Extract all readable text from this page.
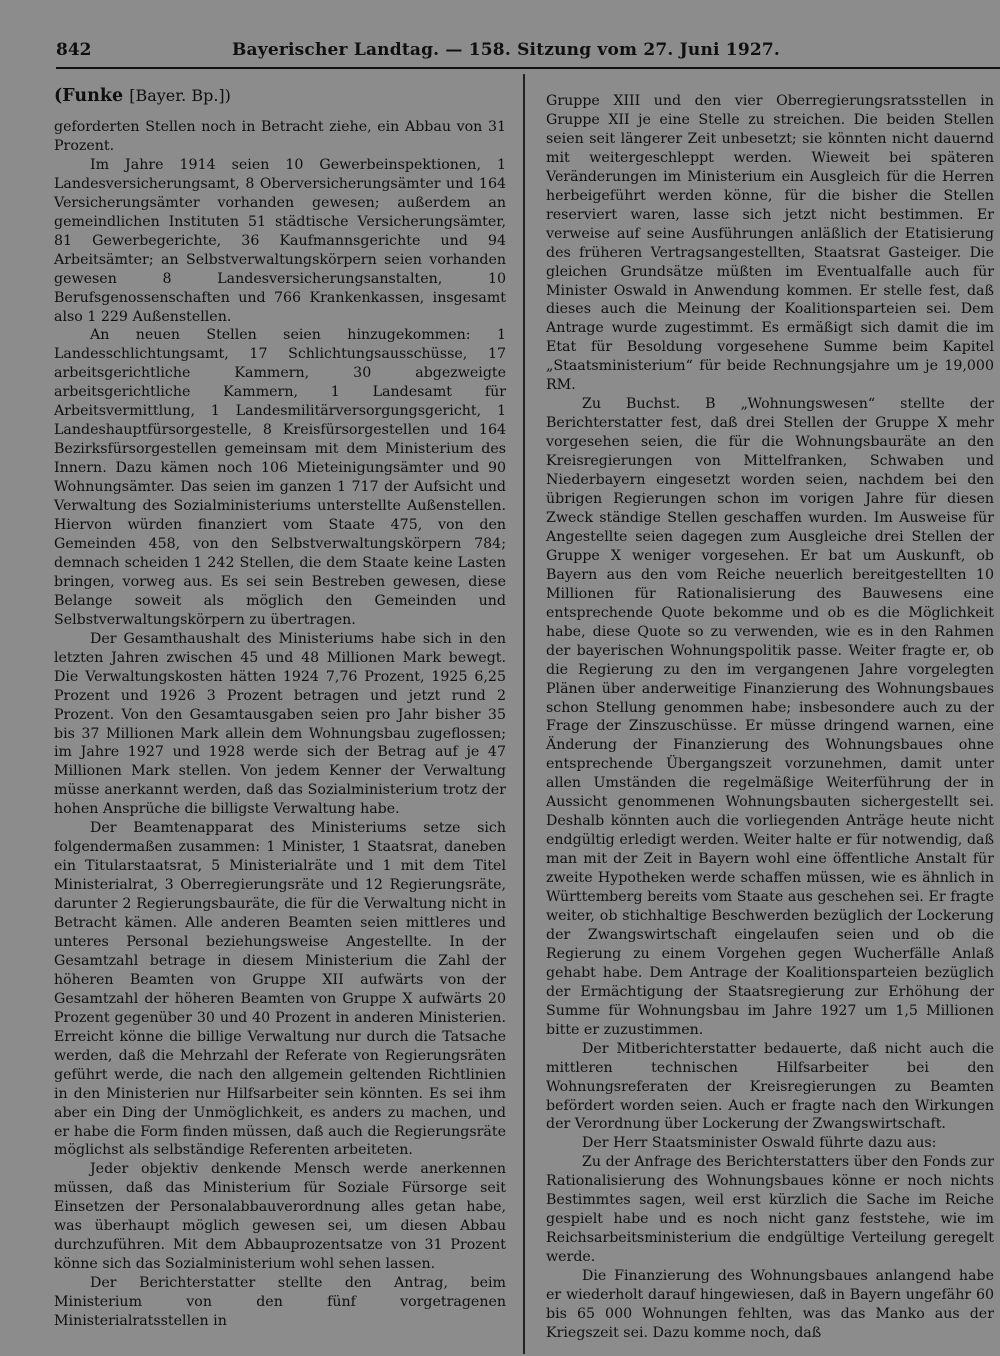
842	Bayerischer Landtag. — 158. Sitzung vom 27. Juni 1927.

(Funke [Bayer. Bp.])

geforderten Stellen noch in Betracht ziehe, ein Abbau von 31 Prozent.

Im Jahre 1914 seien 10 Gewerbeinspektionen, 1 Landesversicherungsamt, 8 Oberversicherungsämter und 164 Versicherungsämter vorhanden gewesen; außerdem an gemeindlichen Instituten 51 städtische Versicherungsämter, 81 Gewerbegerichte, 36 Kaufmannsgerichte und 94 Arbeitsämter; an Selbstverwaltungskörpern seien vorhanden gewesen 8 Landesversicherungsanstalten, 10 Berufsgenossenschaften und 766 Krankenkassen, insgesamt also 1 229 Außenstellen.

An neuen Stellen seien hinzugekommen: 1 Landesschlichtungsamt, 17 Schlichtungsausschüsse, 17 arbeitsgerichtliche Kammern, 30 abgezweigte arbeitsgerichtliche Kammern, 1 Landesamt für Arbeitsvermittlung, 1 Landesmilitärversorgungsgericht, 1 Landeshauptfürsorgestelle, 8 Kreisfürsorgestellen und 164 Bezirksfürsorgestellen gemeinsam mit dem Ministerium des Innern. Dazu kämen noch 106 Mieteinigungsämter und 90 Wohnungsämter. Das seien im ganzen 1 717 der Aufsicht und Verwaltung des Sozialministeriums unterstellte Außenstellen. Hiervon würden finanziert vom Staate 475, von den Gemeinden 458, von den Selbstverwaltungskörpern 784; demnach scheiden 1 242 Stellen, die dem Staate keine Lasten bringen, vorweg aus. Es sei sein Bestreben gewesen, diese Belange soweit als möglich den Gemeinden und Selbstverwaltungskörpern zu übertragen.

Der Gesamthaushalt des Ministeriums habe sich in den letzten Jahren zwischen 45 und 48 Millionen Mark bewegt. Die Verwaltungskosten hätten 1924 7,76 Prozent, 1925 6,25 Prozent und 1926 3 Prozent betragen und jetzt rund 2 Prozent. Von den Gesamtausgaben seien pro Jahr bisher 35 bis 37 Millionen Mark allein dem Wohnungsbau zugeflossen; im Jahre 1927 und 1928 werde sich der Betrag auf je 47 Millionen Mark stellen. Von jedem Kenner der Verwaltung müsse anerkannt werden, daß das Sozialministerium trotz der hohen Ansprüche die billigste Verwaltung habe.

Der Beamtenapparat des Ministeriums setze sich folgendermaßen zusammen: 1 Minister, 1 Staatsrat, daneben ein Titularstaatsrat, 5 Ministerialräte und 1 mit dem Titel Ministerialrat, 3 Oberregierungsräte und 12 Regierungsräte, darunter 2 Regierungsbauräte, die für die Verwaltung nicht in Betracht kämen. Alle anderen Beamten seien mittleres und unteres Personal beziehungsweise Angestellte. In der Gesamtzahl betrage in diesem Ministerium die Zahl der höheren Beamten von Gruppe XII aufwärts von der Gesamtzahl der höheren Beamten von Gruppe X aufwärts 20 Prozent gegenüber 30 und 40 Prozent in anderen Ministerien. Erreicht könne die billige Verwaltung nur durch die Tatsache werden, daß die Mehrzahl der Referate von Regierungsräten geführt werde, die nach den allgemein geltenden Richtlinien in den Ministerien nur Hilfsarbeiter sein könnten. Es sei ihm aber ein Ding der Unmöglichkeit, es anders zu machen, und er habe die Form finden müssen, daß auch die Regierungsräte möglichst als selbständige Referenten arbeiteten.

Jeder objektiv denkende Mensch werde anerkennen müssen, daß das Ministerium für Soziale Fürsorge seit Einsetzen der Personalabbauverordnung alles getan habe, was überhaupt möglich gewesen sei, um diesen Abbau durchzuführen. Mit dem Abbauprozentsatze von 31 Prozent könne sich das Sozialministerium wohl sehen lassen.

Der Berichterstatter stellte den Antrag, beim Ministerium von den fünf vorgetragenen Ministerialratsstellen in

Gruppe XIII und den vier Oberregierungsratsstellen in Gruppe XII je eine Stelle zu streichen. Die beiden Stellen seien seit längerer Zeit unbesetzt; sie könnten nicht dauernd mit weitergeschleppt werden. Wieweit bei späteren Veränderungen im Ministerium ein Ausgleich für die Herren herbeigeführt werden könne, für die bisher die Stellen reserviert waren, lasse sich jetzt nicht bestimmen. Er verweise auf seine Ausführungen anläßlich der Etatisierung des früheren Vertragsangestellten, Staatsrat Gasteiger. Die gleichen Grundsätze müßten im Eventualfalle auch für Minister Oswald in Anwendung kommen. Er stelle fest, daß dieses auch die Meinung der Koalitionsparteien sei. Dem Antrage wurde zugestimmt. Es ermäßigt sich damit die im Etat für Besoldung vorgesehene Summe beim Kapitel „Staatsministerium“ für beide Rechnungsjahre um je 19,000 RM.

Zu Buchst. B „Wohnungswesen“ stellte der Berichterstatter fest, daß drei Stellen der Gruppe X mehr vorgesehen seien, die für die Wohnungsbauräte an den Kreisregierungen von Mittelfranken, Schwaben und Niederbayern eingesetzt worden seien, nachdem bei den übrigen Regierungen schon im vorigen Jahre für diesen Zweck ständige Stellen geschaffen wurden. Im Ausweise für Angestellte seien dagegen zum Ausgleiche drei Stellen der Gruppe X weniger vorgesehen. Er bat um Auskunft, ob Bayern aus den vom Reiche neuerlich bereitgestellten 10 Millionen für Rationalisierung des Bauwesens eine entsprechende Quote bekomme und ob es die Möglichkeit habe, diese Quote so zu verwenden, wie es in den Rahmen der bayerischen Wohnungspolitik passe. Weiter fragte er, ob die Regierung zu den im vergangenen Jahre vorgelegten Plänen über anderweitige Finanzierung des Wohnungsbaues schon Stellung genommen habe; insbesondere auch zu der Frage der Zinszuschüsse. Er müsse dringend warnen, eine Änderung der Finanzierung des Wohnungsbaues ohne entsprechende Übergangszeit vorzunehmen, damit unter allen Umständen die regelmäßige Weiterführung der in Aussicht genommenen Wohnungsbauten sichergestellt sei. Deshalb könnten auch die vorliegenden Anträge heute nicht endgültig erledigt werden. Weiter halte er für notwendig, daß man mit der Zeit in Bayern wohl eine öffentliche Anstalt für zweite Hypotheken werde schaffen müssen, wie es ähnlich in Württemberg bereits vom Staate aus geschehen sei. Er fragte weiter, ob stichhaltige Beschwerden bezüglich der Lockerung der Zwangswirtschaft eingelaufen seien und ob die Regierung zu einem Vorgehen gegen Wucherfälle Anlaß gehabt habe. Dem Antrage der Koalitionsparteien bezüglich der Ermächtigung der Staatsregierung zur Erhöhung der Summe für Wohnungsbau im Jahre 1927 um 1,5 Millionen bitte er zuzustimmen.

Der Mitberichterstatter bedauerte, daß nicht auch die mittleren technischen Hilfsarbeiter bei den Wohnungsreferaten der Kreisregierungen zu Beamten befördert worden seien. Auch er fragte nach den Wirkungen der Verordnung über Lockerung der Zwangswirtschaft.

Der Herr Staatsminister Oswald führte dazu aus:

Zu der Anfrage des Berichterstatters über den Fonds zur Rationalisierung des Wohnungsbaues könne er noch nichts Bestimmtes sagen, weil erst kürzlich die Sache im Reiche gespielt habe und es noch nicht ganz feststehe, wie im Reichsarbeitsministerium die endgültige Verteilung geregelt werde.

Die Finanzierung des Wohnungsbaues anlangend habe er wiederholt darauf hingewiesen, daß in Bayern ungefähr 60 bis 65 000 Wohnungen fehlten, was das Manko aus der Kriegszeit sei. Dazu komme noch, daß
